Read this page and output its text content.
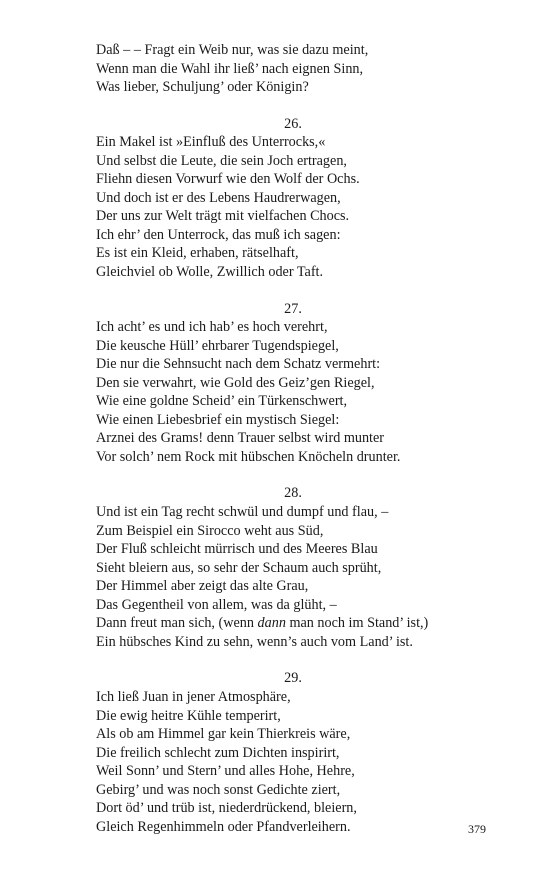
Daß – – Fragt ein Weib nur, was sie dazu meint,
Wenn man die Wahl ihr ließ’ nach eignen Sinn,
Was lieber, Schuljung’ oder Königin?
26.
Ein Makel ist »Einfluß des Unterrocks,«
Und selbst die Leute, die sein Joch ertragen,
Fliehn diesen Vorwurf wie den Wolf der Ochs.
Und doch ist er des Lebens Haudrerwagen,
Der uns zur Welt trägt mit vielfachen Chocs.
Ich ehr’ den Unterrock, das muß ich sagen:
Es ist ein Kleid, erhaben, rätselhaft,
Gleichviel ob Wolle, Zwillich oder Taft.
27.
Ich acht’ es und ich hab’ es hoch verehrt,
Die keusche Hüll’ ehrbarer Tugendspiegel,
Die nur die Sehnsucht nach dem Schatz vermehrt:
Den sie verwahrt, wie Gold des Geiz’gen Riegel,
Wie eine goldne Scheid’ ein Türkenschwert,
Wie einen Liebesbrief ein mystisch Siegel:
Arznei des Grams! denn Trauer selbst wird munter
Vor solch’ nem Rock mit hübschen Knöcheln drunter.
28.
Und ist ein Tag recht schwül und dumpf und flau, –
Zum Beispiel ein Sirocco weht aus Süd,
Der Fluß schleicht mürrisch und des Meeres Blau
Sieht bleiern aus, so sehr der Schaum auch sprüht,
Der Himmel aber zeigt das alte Grau,
Das Gegentheil von allem, was da glüht, –
Dann freut man sich, (wenn dann man noch im Stand’ ist,)
Ein hübsches Kind zu sehn, wenn’s auch vom Land’ ist.
29.
Ich ließ Juan in jener Atmosphäre,
Die ewig heitre Kühle temperirt,
Als ob am Himmel gar kein Thierkreis wäre,
Die freilich schlecht zum Dichten inspirirt,
Weil Sonn’ und Stern’ und alles Hohe, Hehre,
Gebirg’ und was noch sonst Gedichte ziert,
Dort öd’ und trüb ist, niederdrückend, bleiern,
Gleich Regenhimmeln oder Pfandverleihern.	379
